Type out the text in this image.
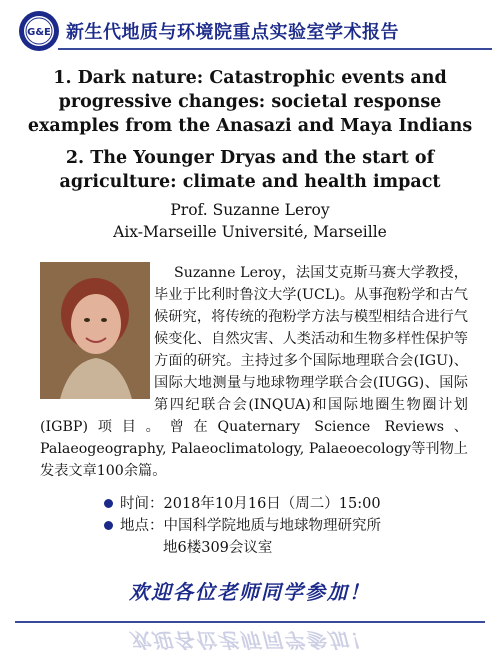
G&E 新生代地质与环境院重点实验室学术报告
1. Dark nature: Catastrophic events and progressive changes: societal response examples from the Anasazi and Maya Indians
2. The Younger Dryas and the start of agriculture: climate and health impact
Prof. Suzanne Leroy
Aix-Marseille Université, Marseille
Suzanne Leroy，法国艾克斯马赛大学教授，毕业于比利时鲁汶大学(UCL)。从事孢粉学和古气候研究，将传统的孢粉学方法与模型相结合进行气候变化、自然灾害、人类活动和生物多样性保护等方面的研究。主持过多个国际地理联合会(IGU)、国际大地测量与地球物理学联合会(IUGG)、国际第四纪联合会(INQUA)和国际地圈生物圈计划(IGBP)项目。曾在Quaternary Science Reviews、Palaeogeography, Palaeoclimatology, Palaeoecology等刊物上发表文章100余篇。
时间：2018年10月16日（周二）15:00
地点：中国科学院地质与地球物理研究所
地6楼309会议室
欢迎各位老师同学参加！
欢迎各位老师同学参加！
